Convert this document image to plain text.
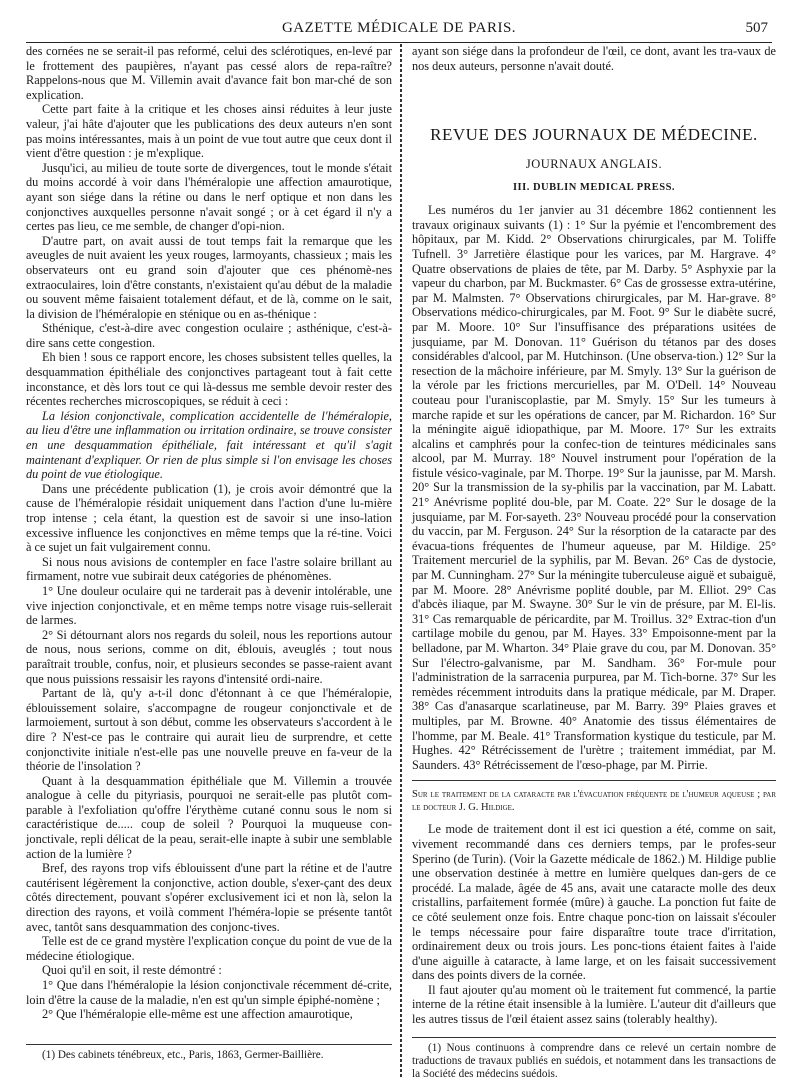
GAZETTE MÉDICALE DE PARIS.	507

des cornées ne se serait-il pas reformé, celui des sclérotiques, en-levé par le frottement des paupières, n'ayant pas cessé alors de repa-raître? Rappelons-nous que M. Villemin avait d'avance fait bon mar-ché de son explication.

Cette part faite à la critique et les choses ainsi réduites à leur juste valeur, j'ai hâte d'ajouter que les publications des deux auteurs n'en sont pas moins intéressantes, mais à un point de vue tout autre que ceux dont il vient d'être question : je m'explique.

Jusqu'ici, au milieu de toute sorte de divergences, tout le monde s'était du moins accordé à voir dans l'héméralopie une affection amaurotique, ayant son siége dans la rétine ou dans le nerf optique et non dans les conjonctives auxquelles personne n'avait songé ; or à cet égard il n'y a certes pas lieu, ce me semble, de changer d'opi-nion.

D'autre part, on avait aussi de tout temps fait la remarque que les aveugles de nuit avaient les yeux rouges, larmoyants, chassieux ; mais les observateurs ont eu grand soin d'ajouter que ces phénomè-nes extraoculaires, loin d'être constants, n'existaient qu'au début de la maladie ou souvent même faisaient totalement défaut, et de là, comme on le sait, la division de l'héméralopie en sténique ou en as-thénique :

Sthénique, c'est-à-dire avec congestion oculaire ; asthénique, c'est-à-dire sans cette congestion.

Eh bien ! sous ce rapport encore, les choses subsistent telles quelles, la desquammation épithéliale des conjonctives partageant tout à fait cette inconstance, et dès lors tout ce qui là-dessus me semble devoir rester des récentes recherches microscopiques, se réduit à ceci :

La lésion conjonctivale, complication accidentelle de l'héméralopie, au lieu d'être une inflammation ou irritation ordinaire, se trouve consister en une desquammation épithéliale, fait intéressant et qu'il s'agit maintenant d'expliquer. Or rien de plus simple si l'on envisage les choses du point de vue étiologique.

Dans une précédente publication (1), je crois avoir démontré que la cause de l'héméralopie résidait uniquement dans l'action d'une lu-mière trop intense ; cela étant, la question est de savoir si une inso-lation excessive influence les conjonctives en même temps que la ré-tine. Voici à ce sujet un fait vulgairement connu.

Si nous nous avisions de contempler en face l'astre solaire brillant au firmament, notre vue subirait deux catégories de phénomènes.

1° Une douleur oculaire qui ne tarderait pas à devenir intolérable, une vive injection conjonctivale, et en même temps notre visage ruis-sellerait de larmes.

2° Si détournant alors nos regards du soleil, nous les reportions autour de nous, nous serions, comme on dit, éblouis, aveuglés ; tout nous paraîtrait trouble, confus, noir, et plusieurs secondes se passe-raient avant que nous puissions ressaisir les rayons d'intensité ordi-naire.

Partant de là, qu'y a-t-il donc d'étonnant à ce que l'héméralopie, éblouissement solaire, s'accompagne de rougeur conjonctivale et de larmoiement, surtout à son début, comme les observateurs s'accordent à le dire ? N'est-ce pas le contraire qui aurait lieu de surprendre, et cette conjonctivite initiale n'est-elle pas une nouvelle preuve en fa-veur de la théorie de l'insolation ?

Quant à la desquammation épithéliale que M. Villemin a trouvée analogue à celle du pityriasis, pourquoi ne serait-elle pas plutôt com-parable à l'exfoliation qu'offre l'érythème cutané connu sous le nom si caractéristique de..... coup de soleil ? Pourquoi la muqueuse con-jonctivale, repli délicat de la peau, serait-elle inapte à subir une semblable action de la lumière ?

Bref, des rayons trop vifs éblouissent d'une part la rétine et de l'autre cautérisent légèrement la conjonctive, action double, s'exer-çant des deux côtés directement, pouvant s'opérer exclusivement ici et non là, selon la direction des rayons, et voilà comment l'héméra-lopie se présente tantôt avec, tantôt sans desquammation des conjonc-tives.

Telle est de ce grand mystère l'explication conçue du point de vue de la médecine étiologique.

Quoi qu'il en soit, il reste démontré :

1° Que dans l'héméralopie la lésion conjonctivale récemment dé-crite, loin d'être la cause de la maladie, n'en est qu'un simple épiphé-nomène ;

2° Que l'héméralopie elle-même est une affection amaurotique,

(1) Des cabinets ténébreux, etc., Paris, 1863, Germer-Baillière.

ayant son siége dans la profondeur de l'œil, ce dont, avant les tra-vaux de nos deux auteurs, personne n'avait douté.

REVUE DES JOURNAUX DE MÉDECINE.
JOURNAUX ANGLAIS.
III. DUBLIN MEDICAL PRESS.

Les numéros du 1er janvier au 31 décembre 1862 contiennent les travaux originaux suivants (1) : 1° Sur la pyémie et l'encombrement des hôpitaux, par M. Kidd. 2° Observations chirurgicales, par M. Toliffe Tufnell. 3° Jarretière élastique pour les varices, par M. Hargrave. 4° Quatre observations de plaies de tête, par M. Darby. 5° Asphyxie par la vapeur du charbon, par M. Buckmaster. 6° Cas de grossesse extra-utérine, par M. Malmsten. 7° Observations chirurgicales, par M. Har-grave. 8° Observations médico-chirurgicales, par M. Foot. 9° Sur le diabète sucré, par M. Moore. 10° Sur l'insuffisance des préparations usitées de jusquiame, par M. Donovan. 11° Guérison du tétanos par des doses considérables d'alcool, par M. Hutchinson. (Une observa-tion.) 12° Sur la resection de la mâchoire inférieure, par M. Smyly. 13° Sur la guérison de la vérole par les frictions mercurielles, par M. O'Dell. 14° Nouveau couteau pour l'uraniscoplastie, par M. Smyly. 15° Sur les tumeurs à marche rapide et sur les opérations de cancer, par M. Richardon. 16° Sur la méningite aiguë idiopathique, par M. Moore. 17° Sur les extraits alcalins et camphrés pour la confec-tion de teintures médicinales sans alcool, par M. Murray. 18° Nouvel instrument pour l'opération de la fistule vésico-vaginale, par M. Thorpe. 19° Sur la jaunisse, par M. Marsh. 20° Sur la transmission de la sy-philis par la vaccination, par M. Labatt. 21° Anévrisme poplité dou-ble, par M. Coate. 22° Sur le dosage de la jusquiame, par M. For-sayeth. 23° Nouveau procédé pour la conservation du vaccin, par M. Ferguson. 24° Sur la résorption de la cataracte par des évacua-tions fréquentes de l'humeur aqueuse, par M. Hildige. 25° Traitement mercuriel de la syphilis, par M. Bevan. 26° Cas de dystocie, par M. Cunningham. 27° Sur la méningite tuberculeuse aiguë et subaiguë, par M. Moore. 28° Anévrisme poplité double, par M. Elliot. 29° Cas d'abcès iliaque, par M. Swayne. 30° Sur le vin de présure, par M. El-lis. 31° Cas remarquable de péricardite, par M. Troillus. 32° Extrac-tion d'un cartilage mobile du genou, par M. Hayes. 33° Empoisonne-ment par la belladone, par M. Wharton. 34° Plaie grave du cou, par M. Donovan. 35° Sur l'électro-galvanisme, par M. Sandham. 36° For-mule pour l'administration de la sarracenia purpurea, par M. Tich-borne. 37° Sur les remèdes récemment introduits dans la pratique médicale, par M. Draper. 38° Cas d'anasarque scarlatineuse, par M. Barry. 39° Plaies graves et multiples, par M. Browne. 40° Anatomie des tissus élémentaires de l'homme, par M. Beale. 41° Transformation kystique du testicule, par M. Hughes. 42° Rétrécissement de l'urètre ; traitement immédiat, par M. Saunders. 43° Rétrécissement de l'œso-phage, par M. Pirrie.

Sur le traitement de la cataracte par l'évacuation fréquente de l'humeur aqueuse ; par le docteur J. G. Hildige.

Le mode de traitement dont il est ici question a été, comme on sait, vivement recommandé dans ces derniers temps, par le profes-seur Sperino (de Turin). (Voir la Gazette médicale de 1862.) M. Hildige publie une observation destinée à mettre en lumière quelques dan-gers de ce procédé. La malade, âgée de 45 ans, avait une cataracte molle des deux cristallins, parfaitement formée (mûre) à gauche. La ponction fut faite de ce côté seulement onze fois. Entre chaque ponc-tion on laissait s'écouler le temps nécessaire pour faire disparaître toute trace d'irritation, ordinairement deux ou trois jours. Les ponc-tions étaient faites à l'aide d'une aiguille à cataracte, à lame large, et on les faisait successivement dans des points divers de la cornée.

Il faut ajouter qu'au moment où le traitement fut commencé, la partie interne de la rétine était insensible à la lumière. L'auteur dit d'ailleurs que les autres tissus de l'œil étaient assez sains (tolerably healthy).

(1) Nous continuons à comprendre dans ce relevé un certain nombre de traductions de travaux publiés en suédois, et notamment dans les transactions de la Société des médecins suédois.
